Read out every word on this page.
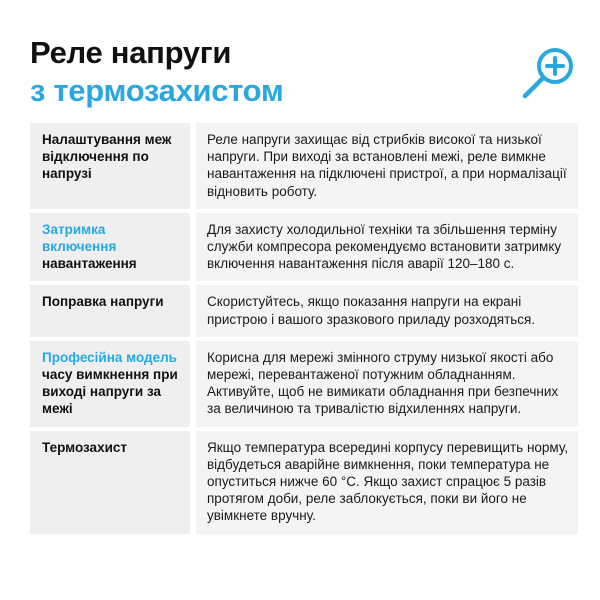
Реле напруги
з термозахистом
Налаштування меж відключення по напрузі
Реле напруги захищає від стрибків високої та низької напруги. При виході за встановлені межі, реле вимкне навантаження на підключені пристрої, а при нормалізації відновить роботу.
Затримка включення
навантаження
Для захисту холодильної техніки та збільшення терміну служби компресора рекомендуємо встановити затримку включення навантаження після аварії 120–180 с.
Поправка напруги	Скористуйтесь, якщо показання напруги на екрані пристрою і вашого зразкового приладу розходяться.
Професійна модель
часу вимкнення при виході напруги за межі
Корисна для мережі змінного струму низької якості або мережі, перевантаженої потужним обладнанням. Активуйте, щоб не вимикати обладнання при безпечних за величиною та тривалістю відхиленнях напруги.
Термозахист	Якщо температура всередині корпусу перевищить норму, відбудеться аварійне вимкнення, поки температура не опуститься нижче 60 °С. Якщо захист спрацює 5 разів протягом доби, реле заблокується, поки ви його не увімкнете вручну.
